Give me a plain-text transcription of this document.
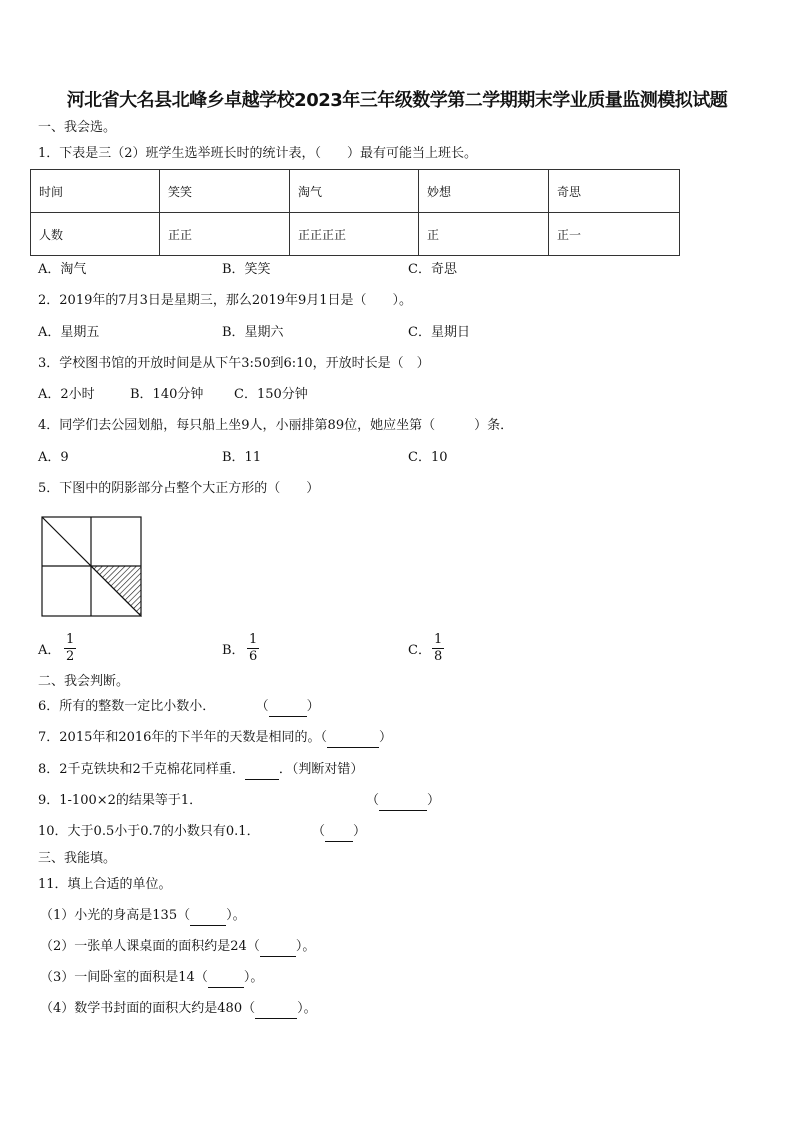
河北省大名县北峰乡卓越学校2023年三年级数学第二学期期末学业质量监测模拟试题
一、我会选。
1．下表是三（2）班学生选举班长时的统计表，（　　）最有可能当上班长。
时间	笑笑	淘气	妙想	奇思
人数	正正	正正正正	正	正一
A．淘气	B．笑笑	C．奇思
2．2019年的7月3日是星期三，那么2019年9月1日是（　　）。
A．星期五	B．星期六	C．星期日
3．学校图书馆的开放时间是从下午3:50到6:10，开放时长是（　）
A．2小时	B．140分钟 C．150分钟
4．同学们去公园划船，每只船上坐9人，小丽排第89位，她应坐第（　　　）条．
A．9	B．11	C．10
5．下图中的阴影部分占整个大正方形的（　　）
A． $\frac{1}{2}$	B． $\frac{1}{6}$	C． $\frac{1}{8}$
二、我会判断。
6．所有的整数一定比小数小．	（	）
7．2015年和2016年的下半年的天数是相同的。（	）
8．2千克铁块和2千克棉花同样重．	．（判断对错）
9．1-100×2的结果等于1．	（	）
10．大于0.5小于0.7的小数只有0.1．	（ ）
三、我能填。
11．填上合适的单位。
（1）小光的身高是135（	）。
（2）一张单人课桌面的面积约是24（	）。
（3）一间卧室的面积是14（	）。
（4）数学书封面的面积大约是480（	）。
